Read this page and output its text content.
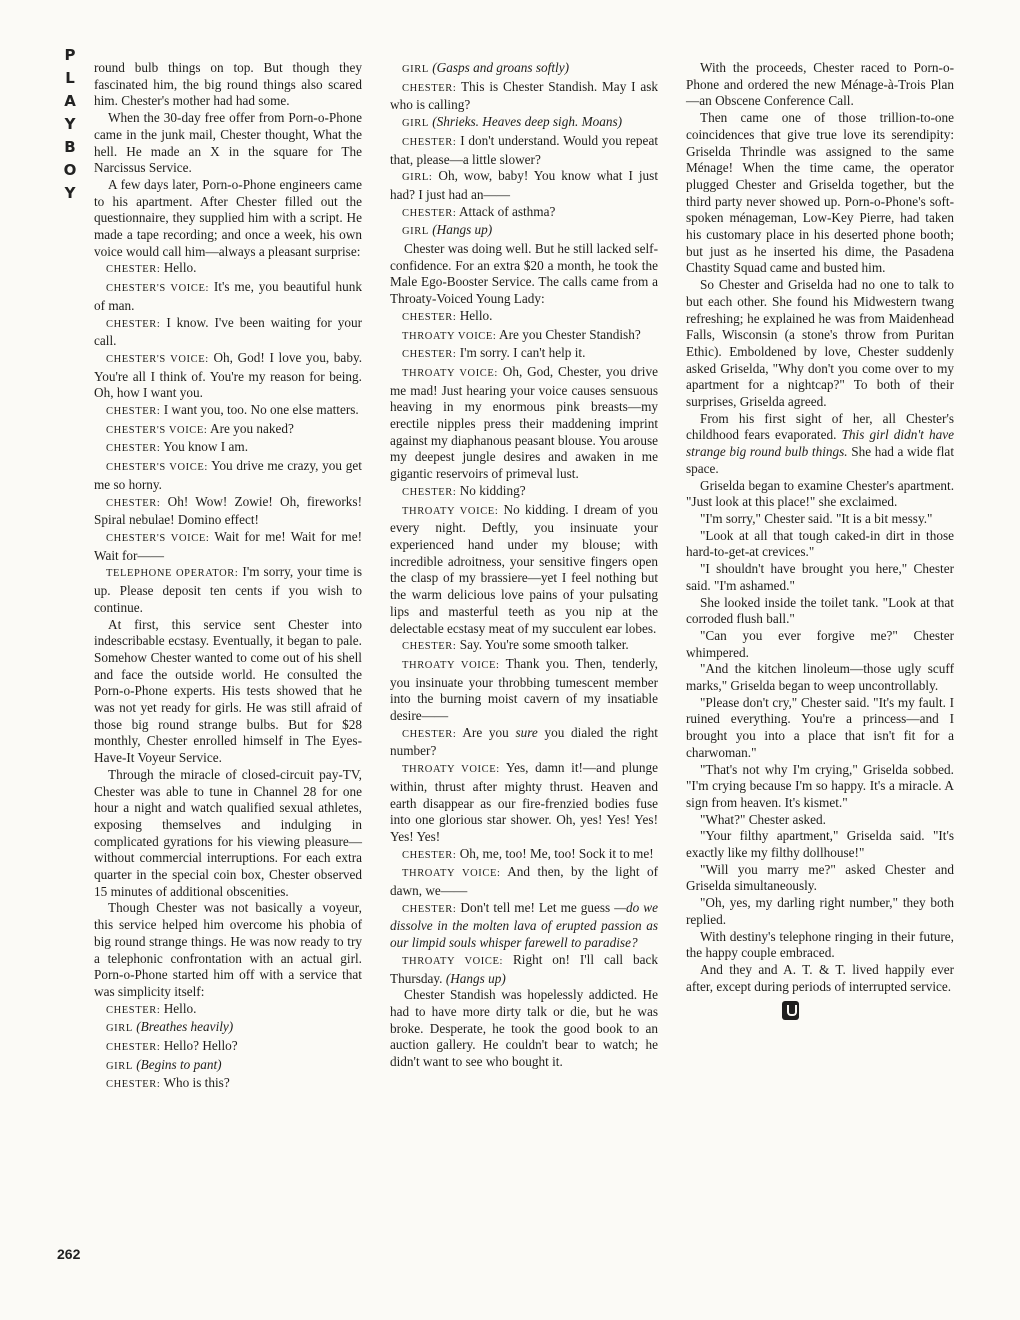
P
L
A
Y
B
O
Y

round bulb things on top. But though they fascinated him, the big round things also scared him. Chester's mother had had some.

When the 30-day free offer from Porn-o-Phone came in the junk mail, Chester thought, What the hell. He made an X in the square for The Narcissus Service.

A few days later, Porn-o-Phone engineers came to his apartment. After Chester filled out the questionnaire, they supplied him with a script. He made a tape recording; and once a week, his own voice would call him—always a pleasant surprise:

CHESTER: Hello.

CHESTER'S VOICE: It's me, you beautiful hunk of man.

CHESTER: I know. I've been waiting for your call.

CHESTER'S VOICE: Oh, God! I love you, baby. You're all I think of. You're my reason for being. Oh, how I want you.

CHESTER: I want you, too. No one else matters.

CHESTER'S VOICE: Are you naked?

CHESTER: You know I am.

CHESTER'S VOICE: You drive me crazy, you get me so horny.

CHESTER: Oh! Wow! Zowie! Oh, fireworks! Spiral nebulae! Domino effect!

CHESTER'S VOICE: Wait for me! Wait for me! Wait for——

TELEPHONE OPERATOR: I'm sorry, your time is up. Please deposit ten cents if you wish to continue.

At first, this service sent Chester into indescribable ecstasy. Eventually, it began to pale. Somehow Chester wanted to come out of his shell and face the outside world. He consulted the Porn-o-Phone experts. His tests showed that he was not yet ready for girls. He was still afraid of those big round strange bulbs. But for $28 monthly, Chester enrolled himself in The Eyes-Have-It Voyeur Service.

Through the miracle of closed-circuit pay-TV, Chester was able to tune in Channel 28 for one hour a night and watch qualified sexual athletes, exposing themselves and indulging in complicated gyrations for his viewing pleasure—without commercial interruptions. For each extra quarter in the special coin box, Chester observed 15 minutes of additional obscenities.

Though Chester was not basically a voyeur, this service helped him overcome his phobia of big round strange things. He was now ready to try a telephonic confrontation with an actual girl. Porn-o-Phone started him off with a service that was simplicity itself:

CHESTER: Hello.

GIRL (Breathes heavily)

CHESTER: Hello? Hello?

GIRL (Begins to pant)

CHESTER: Who is this?

GIRL (Gasps and groans softly)

CHESTER: This is Chester Standish. May I ask who is calling?

GIRL (Shrieks. Heaves deep sigh. Moans)

CHESTER: I don't understand. Would you repeat that, please—a little slower?

GIRL: Oh, wow, baby! You know what I just had? I just had an——

CHESTER: Attack of asthma?

GIRL (Hangs up)

Chester was doing well. But he still lacked self-confidence. For an extra $20 a month, he took the Male Ego-Booster Service. The calls came from a Throaty-Voiced Young Lady:

CHESTER: Hello.

THROATY VOICE: Are you Chester Standish?

CHESTER: I'm sorry. I can't help it.

THROATY VOICE: Oh, God, Chester, you drive me mad! Just hearing your voice causes sensuous heaving in my enormous pink breasts—my erectile nipples press their maddening imprint against my diaphanous peasant blouse. You arouse my deepest jungle desires and awaken in me gigantic reservoirs of primeval lust.

CHESTER: No kidding?

THROATY VOICE: No kidding. I dream of you every night. Deftly, you insinuate your experienced hand under my blouse; with incredible adroitness, your sensitive fingers open the clasp of my brassiere—yet I feel nothing but the warm delicious love pains of your pulsating lips and masterful teeth as you nip at the delectable ecstasy meat of my succulent ear lobes.

CHESTER: Say. You're some smooth talker.

THROATY VOICE: Thank you. Then, tenderly, you insinuate your throbbing tumescent member into the burning moist cavern of my insatiable desire——

CHESTER: Are you sure you dialed the right number?

THROATY VOICE: Yes, damn it!—and plunge within, thrust after mighty thrust. Heaven and earth disappear as our fire-frenzied bodies fuse into one glorious star shower. Oh, yes! Yes! Yes! Yes! Yes!

CHESTER: Oh, me, too! Me, too! Sock it to me!

THROATY VOICE: And then, by the light of dawn, we——

CHESTER: Don't tell me! Let me guess —do we dissolve in the molten lava of erupted passion as our limpid souls whisper farewell to paradise?

THROATY VOICE: Right on! I'll call back Thursday. (Hangs up)

Chester Standish was hopelessly addicted. He had to have more dirty talk or die, but he was broke. Desperate, he took the good book to an auction gallery. He couldn't bear to watch; he didn't want to see who bought it.

With the proceeds, Chester raced to Porn-o-Phone and ordered the new Ménage-à-Trois Plan—an Obscene Conference Call.

Then came one of those trillion-to-one coincidences that give true love its serendipity: Griselda Thrindle was assigned to the same Ménage! When the time came, the operator plugged Chester and Griselda together, but the third party never showed up. Porn-o-Phone's soft-spoken ménageman, Low-Key Pierre, had taken his customary place in his deserted phone booth; but just as he inserted his dime, the Pasadena Chastity Squad came and busted him.

So Chester and Griselda had no one to talk to but each other. She found his Midwestern twang refreshing; he explained he was from Maidenhead Falls, Wisconsin (a stone's throw from Puritan Ethic). Emboldened by love, Chester suddenly asked Griselda, "Why don't you come over to my apartment for a nightcap?" To both of their surprises, Griselda agreed.

From his first sight of her, all Chester's childhood fears evaporated. This girl didn't have strange big round bulb things. She had a wide flat space.

Griselda began to examine Chester's apartment. "Just look at this place!" she exclaimed.

"I'm sorry," Chester said. "It is a bit messy."

"Look at all that tough caked-in dirt in those hard-to-get-at crevices."

"I shouldn't have brought you here," Chester said. "I'm ashamed."

She looked inside the toilet tank. "Look at that corroded flush ball."

"Can you ever forgive me?" Chester whimpered.

"And the kitchen linoleum—those ugly scuff marks," Griselda began to weep uncontrollably.

"Please don't cry," Chester said. "It's my fault. I ruined everything. You're a princess—and I brought you into a place that isn't fit for a charwoman."

"That's not why I'm crying," Griselda sobbed. "I'm crying because I'm so happy. It's a miracle. A sign from heaven. It's kismet."

"What?" Chester asked.

"Your filthy apartment," Griselda said. "It's exactly like my filthy dollhouse!"

"Will you marry me?" asked Chester and Griselda simultaneously.

"Oh, yes, my darling right number," they both replied.

With destiny's telephone ringing in their future, the happy couple embraced.

And they and A. T. & T. lived happily ever after, except during periods of interrupted service.

262
